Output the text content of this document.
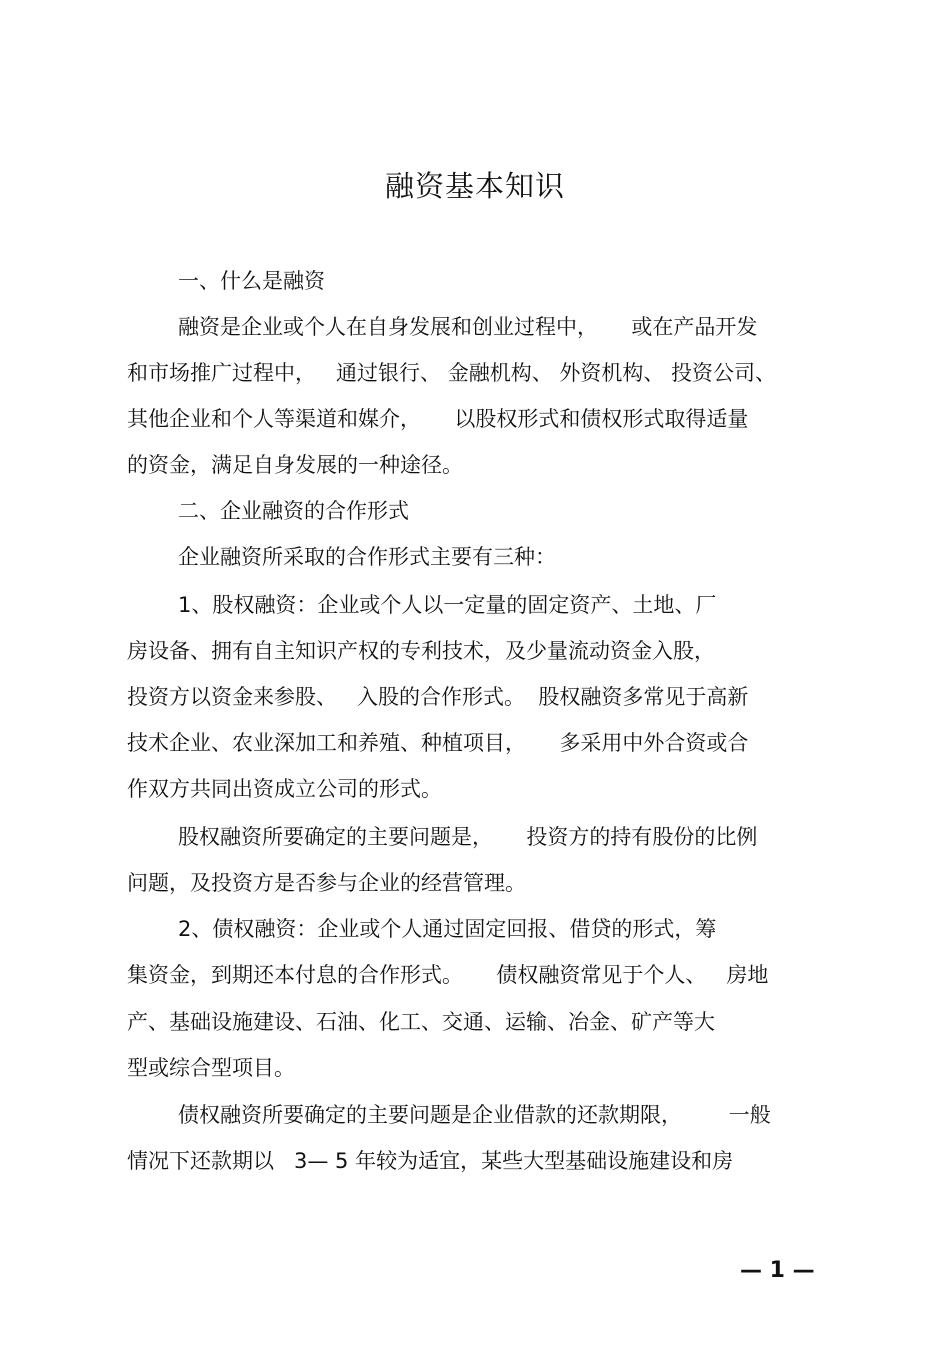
融资基本知识
一、什么是融资
融资是企业或个人在自身发展和创业过程中，     或在产品开发
和市场推广过程中，   通过银行、 金融机构、 外资机构、 投资公司、
其他企业和个人等渠道和媒介，     以股权形式和债权形式取得适量
的资金，满足自身发展的一种途径。
二、企业融资的合作形式
企业融资所采取的合作形式主要有三种：
1、股权融资：企业或个人以一定量的固定资产、土地、厂
房设备、拥有自主知识产权的专利技术，及少量流动资金入股，
投资方以资金来参股、   入股的合作形式。  股权融资多常见于高新
技术企业、农业深加工和养殖、种植项目，     多采用中外合资或合
作双方共同出资成立公司的形式。
股权融资所要确定的主要问题是，     投资方的持有股份的比例
问题，及投资方是否参与企业的经营管理。
2、债权融资：企业或个人通过固定回报、借贷的形式，筹
集资金，到期还本付息的合作形式。     债权融资常见于个人、   房地
产、基础设施建设、石油、化工、交通、运输、冶金、矿产等大
型或综合型项目。
债权融资所要确定的主要问题是企业借款的还款期限，       一般
情况下还款期以   3— 5 年较为适宜，某些大型基础设施建设和房
— 1 —
